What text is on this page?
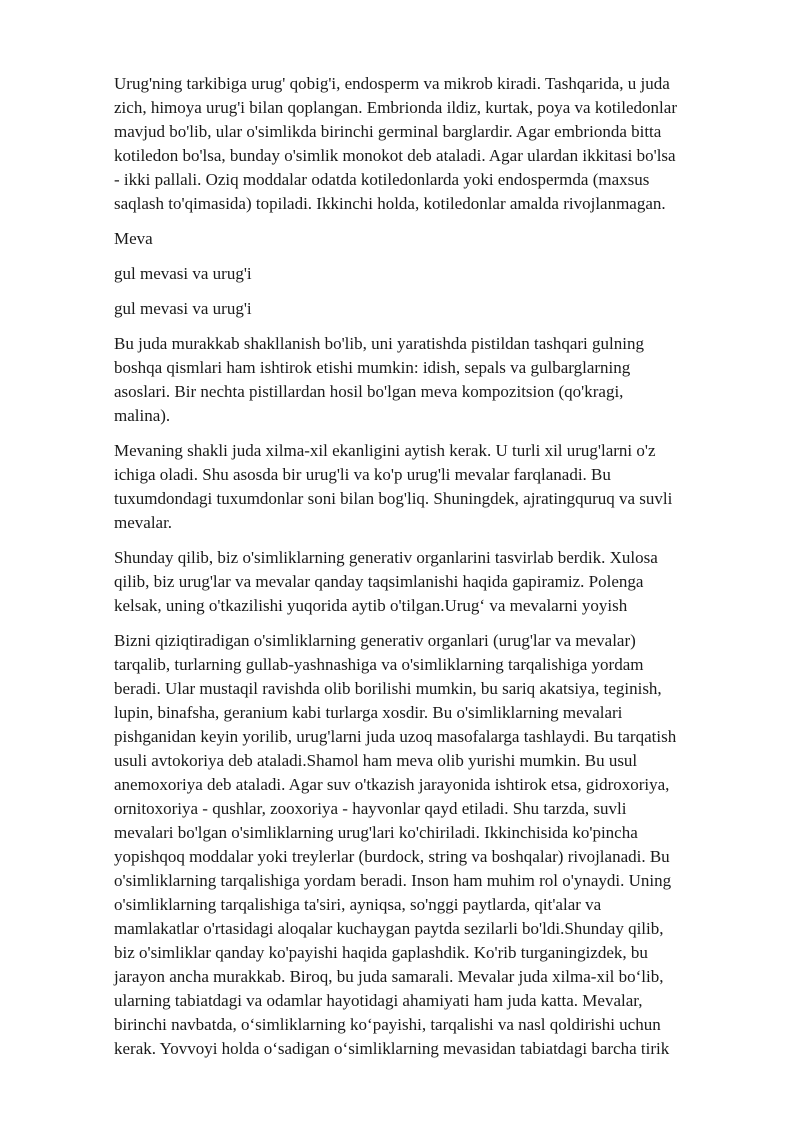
Urug'ning tarkibiga urug' qobig'i, endosperm va mikrob kiradi. Tashqarida, u juda
zich, himoya urug'i bilan qoplangan. Embrionda ildiz, kurtak, poya va kotiledonlar
mavjud bo'lib, ular o'simlikda birinchi germinal barglardir. Agar embrionda bitta
kotiledon bo'lsa, bunday o'simlik monokot deb ataladi. Agar ulardan ikkitasi bo'lsa
- ikki pallali. Oziq moddalar odatda kotiledonlarda yoki endospermda (maxsus
saqlash to'qimasida) topiladi. Ikkinchi holda, kotiledonlar amalda rivojlanmagan.

Meva

gul mevasi va urug'i

gul mevasi va urug'i

Bu juda murakkab shakllanish bo'lib, uni yaratishda pistildan tashqari gulning
boshqa qismlari ham ishtirok etishi mumkin: idish, sepals va gulbarglarning
asoslari. Bir nechta pistillardan hosil bo'lgan meva kompozitsion (qo'kragi,
malina).

Mevaning shakli juda xilma-xil ekanligini aytish kerak. U turli xil urug'larni o'z
ichiga oladi. Shu asosda bir urug'li va ko'p urug'li mevalar farqlanadi. Bu
tuxumdondagi tuxumdonlar soni bilan bog'liq. Shuningdek, ajratingquruq va suvli
mevalar.

Shunday qilib, biz o'simliklarning generativ organlarini tasvirlab berdik. Xulosa
qilib, biz urug'lar va mevalar qanday taqsimlanishi haqida gapiramiz. Polenga
kelsak, uning o'tkazilishi yuqorida aytib o'tilgan.Urug‘ va mevalarni yoyish

Bizni qiziqtiradigan o'simliklarning generativ organlari (urug'lar va mevalar)
tarqalib, turlarning gullab-yashnashiga va o'simliklarning tarqalishiga yordam
beradi. Ular mustaqil ravishda olib borilishi mumkin, bu sariq akatsiya, teginish,
lupin, binafsha, geranium kabi turlarga xosdir. Bu o'simliklarning mevalari
pishganidan keyin yorilib, urug'larni juda uzoq masofalarga tashlaydi. Bu tarqatish
usuli avtokoriya deb ataladi.Shamol ham meva olib yurishi mumkin. Bu usul
anemoxoriya deb ataladi. Agar suv o'tkazish jarayonida ishtirok etsa, gidroxoriya,
ornitoxoriya - qushlar, zooxoriya - hayvonlar qayd etiladi. Shu tarzda, suvli
mevalari bo'lgan o'simliklarning urug'lari ko'chiriladi. Ikkinchisida ko'pincha
yopishqoq moddalar yoki treylerlar (burdock, string va boshqalar) rivojlanadi. Bu
o'simliklarning tarqalishiga yordam beradi. Inson ham muhim rol o'ynaydi. Uning
o'simliklarning tarqalishiga ta'siri, ayniqsa, so'nggi paytlarda, qit'alar va
mamlakatlar o'rtasidagi aloqalar kuchaygan paytda sezilarli bo'ldi.Shunday qilib,
biz o'simliklar qanday ko'payishi haqida gaplashdik. Ko'rib turganingizdek, bu
jarayon ancha murakkab. Biroq, bu juda samarali. Mevalar juda xilma-xil bo‘lib,
ularning tabiatdagi va odamlar hayotidagi ahamiyati ham juda katta. Mevalar,
birinchi navbatda, o‘simliklarning ko‘payishi, tarqalishi va nasl qoldirishi uchun
kerak. Yovvoyi holda o‘sadigan o‘simliklarning mevasidan tabiatdagi barcha tirik
